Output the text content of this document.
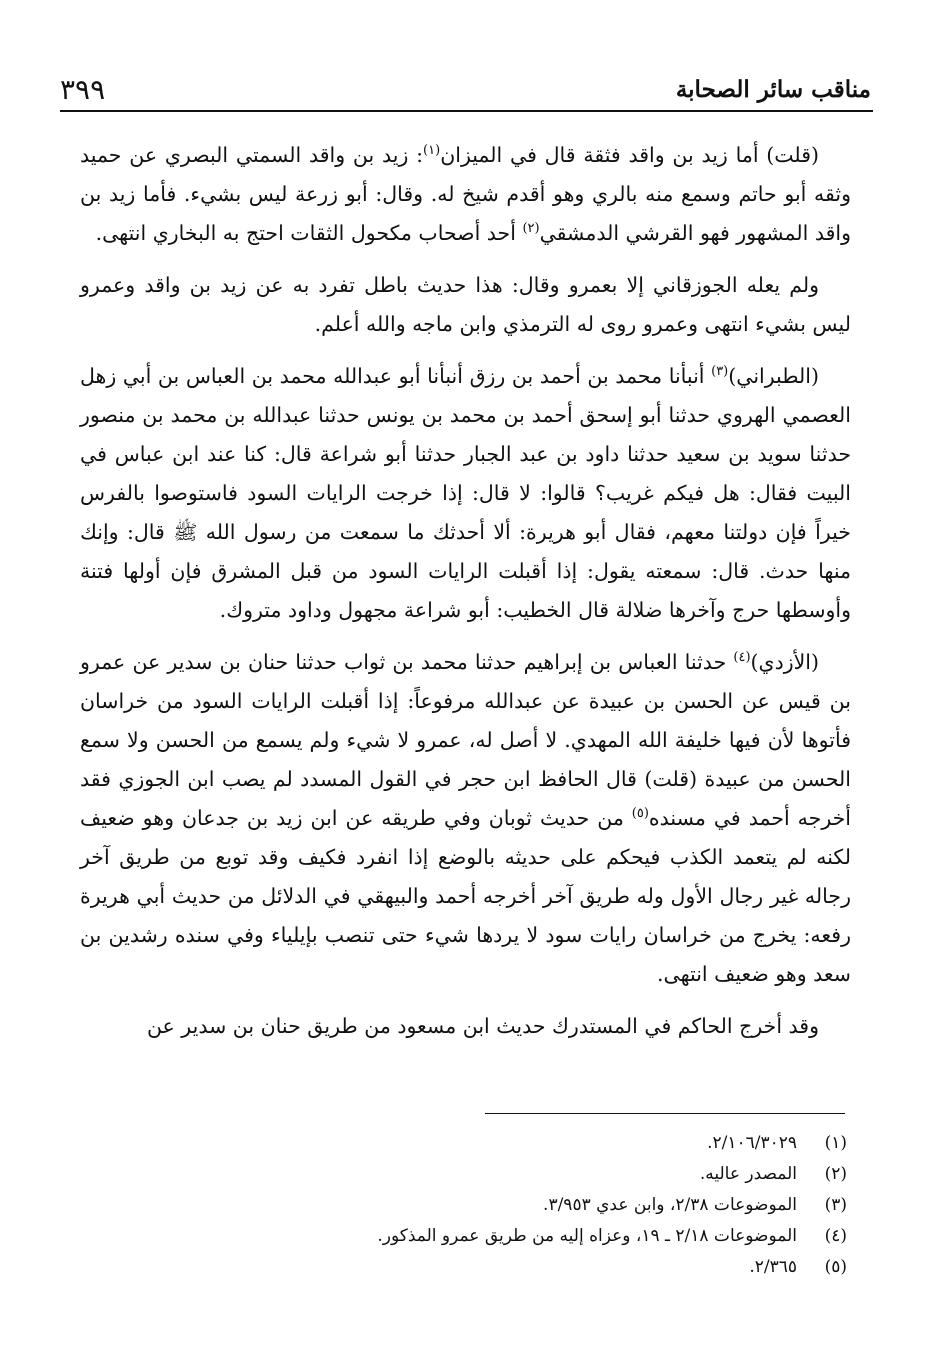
مناقب سائر الصحابة
٣٩٩

(قلت) أما زيد بن واقد فثقة قال في الميزان$^{(١)}$: زيد بن واقد السمتي البصري عن حميد وثقه أبو حاتم وسمع منه بالري وهو أقدم شيخ له. وقال: أبو زرعة ليس بشيء. فأما زيد بن واقد المشهور فهو القرشي الدمشقي$^{(٢)}$ أحد أصحاب مكحول الثقات احتج به البخاري انتهى.

ولم يعله الجوزقاني إلا بعمرو وقال: هذا حديث باطل تفرد به عن زيد بن واقد وعمرو ليس بشيء انتهى وعمرو روى له الترمذي وابن ماجه والله أعلم.

(الطبراني)$^{(٣)}$ أنبأنا محمد بن أحمد بن رزق أنبأنا أبو عبدالله محمد بن العباس بن أبي زهل العصمي الهروي حدثنا أبو إسحق أحمد بن محمد بن يونس حدثنا عبدالله بن محمد بن منصور حدثنا سويد بن سعيد حدثنا داود بن عبد الجبار حدثنا أبو شراعة قال: كنا عند ابن عباس في البيت فقال: هل فيكم غريب؟ قالوا: لا قال: إذا خرجت الرايات السود فاستوصوا بالفرس خيراً فإن دولتنا معهم، فقال أبو هريرة: ألا أحدثك ما سمعت من رسول الله ﷺ قال: وإنك منها حدث. قال: سمعته يقول: إذا أقبلت الرايات السود من قبل المشرق فإن أولها فتنة وأوسطها حرج وآخرها ضلالة قال الخطيب: أبو شراعة مجهول وداود متروك.

(الأزدي)$^{(٤)}$ حدثنا العباس بن إبراهيم حدثنا محمد بن ثواب حدثنا حنان بن سدير عن عمرو بن قيس عن الحسن بن عبيدة عن عبدالله مرفوعاً: إذا أقبلت الرايات السود من خراسان فأتوها لأن فيها خليفة الله المهدي. لا أصل له، عمرو لا شيء ولم يسمع من الحسن ولا سمع الحسن من عبيدة (قلت) قال الحافظ ابن حجر في القول المسدد لم يصب ابن الجوزي فقد أخرجه أحمد في مسنده$^{(٥)}$ من حديث ثوبان وفي طريقه عن ابن زيد بن جدعان وهو ضعيف لكنه لم يتعمد الكذب فيحكم على حديثه بالوضع إذا انفرد فكيف وقد توبع من طريق آخر رجاله غير رجال الأول وله طريق آخر أخرجه أحمد والبيهقي في الدلائل من حديث أبي هريرة رفعه: يخرج من خراسان رايات سود لا يردها شيء حتى تنصب بإيلياء وفي سنده رشدين بن سعد وهو ضعيف انتهى.

وقد أخرج الحاكم في المستدرك حديث ابن مسعود من طريق حنان بن سدير عن

(١)
٢/١٠٦/٣٠٢٩.
(٢)
المصدر عاليه.
(٣)
الموضوعات ٢/٣٨، وابن عدي ٣/٩٥٣.
(٤)
الموضوعات ٢/١٨ ـ ١٩، وعزاه إليه من طريق عمرو المذكور.
(٥)
٢/٣٦٥.
